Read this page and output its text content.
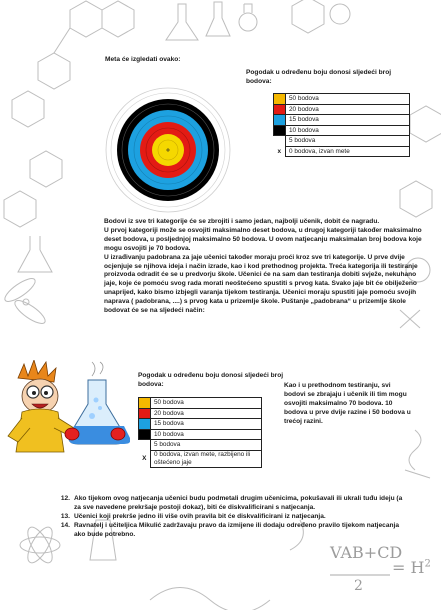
VAB+CD
= $H^2$
2
Meta će izgledati ovako:
Pogodak u određenu boju donosi sljedeći broj bodova:
	50 bodova
	20 bodova
	15 bodova
	10 bodova
	5 bodova
x	0 bodova, izvan mete

Bodovi iz sve tri kategorije će se zbrojiti i samo jedan, najbolji učenik, dobit će nagradu.

U prvoj kategoriji može se osvojiti maksimalno deset bodova, u drugoj kategoriji također maksimalno deset bodova, u posljednjoj maksimalno 50 bodova. U ovom natjecanju maksimalan broj bodova koje mogu osvojiti je 70 bodova.

U izrađivanju padobrana za jaje učenici također moraju proći kroz sve tri kategorije. U prve dvije ocjenjuje se njihova ideja i način izrade, kao i kod prethodnog projekta. Treća kategorija ili testiranje proizvoda odradit će se u predvorju škole. Učenici će na sam dan testiranja dobiti svježe, nekuhano jaje, koje će pomoću svog rada morati neoštećeno spustiti s prvog kata. Svako jaje bit će obilježeno unaprijed, kako bismo izbjegli varanja tijekom testiranja. Učenici moraju spustiti jaje pomoću svojih naprava ( padobrana, ....) s prvog kata u prizemlje škole. Puštanje „padobrana“ u prizemlje škole bodovat će se na sljedeći način:

Pogodak u određenu boju donosi sljedeći broj bodova:
	50 bodova
	20 bodova
	15 bodova
	10 bodova
	5 bodova
X	0 bodova, izvan mete, razbijeno ili oštećeno jaje
Kao i u prethodnom testiranju, svi bodovi se zbrajaju i učenik ili tim mogu osvojiti maksimalno 70 bodova. 10 bodova u prve dvije razine i 50 bodova u trećoj razini.
12. Ako tijekom ovog natjecanja učenici budu podmetali drugim učenicima, pokušavali ili ukrali tuđu ideju (a za sve navedene prekršaje postoji dokaz), biti će diskvalificirani s natjecanja.
13. Učenici koji prekrše jedno ili više ovih pravila bit će diskvalificirani iz natjecanja.
14. Ravnatelj i učiteljica Mikulić zadržavaju pravo da izmijene ili dodaju određeno pravilo tijekom natjecanja ako bude potrebno.
